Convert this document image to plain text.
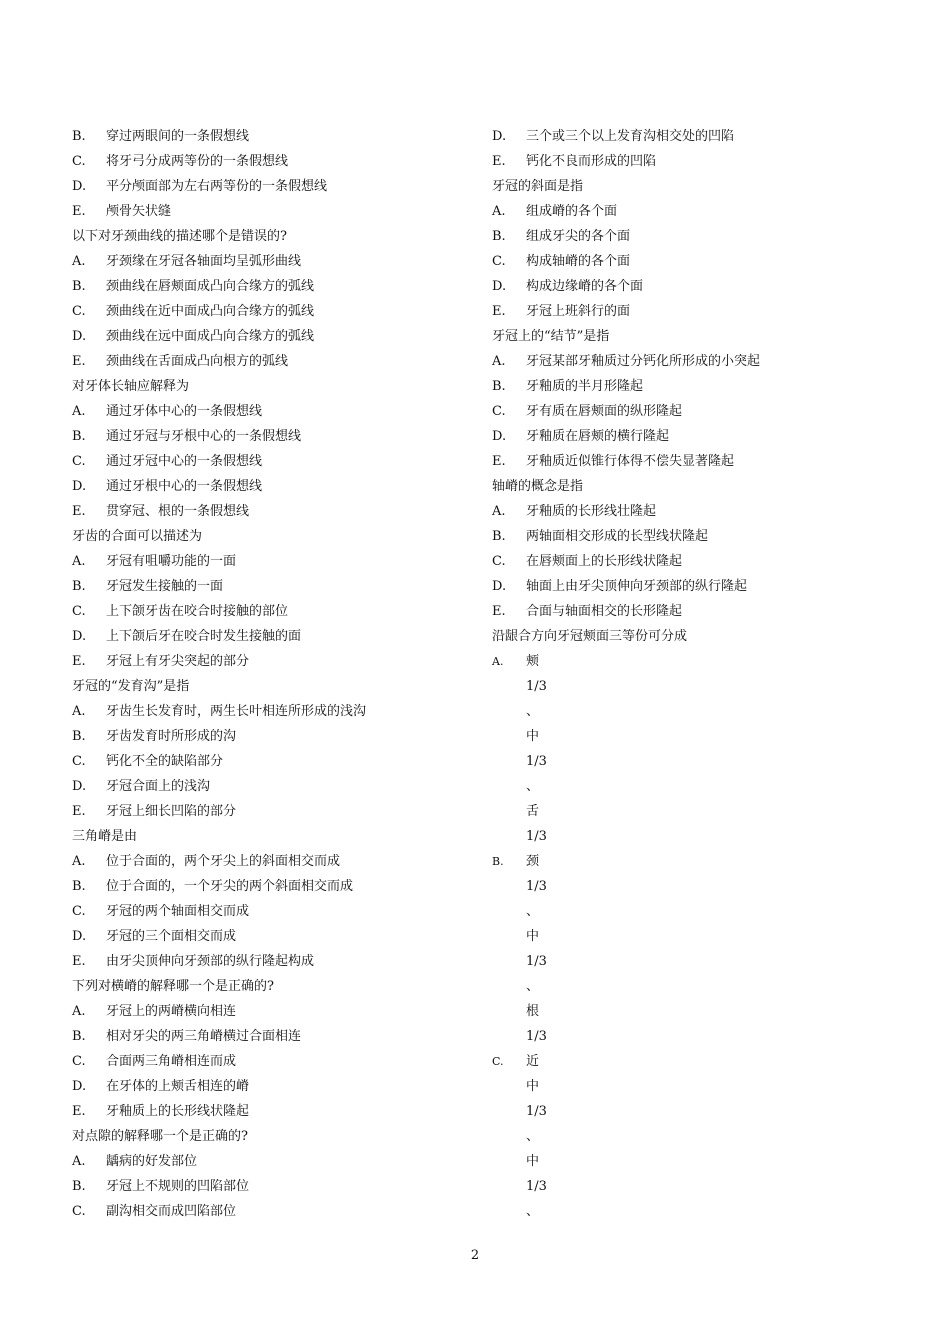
B. 穿过两眼间的一条假想线
C. 将牙弓分成两等份的一条假想线
D. 平分颅面部为左右两等份的一条假想线
E. 颅骨矢状缝
以下对牙颈曲线的描述哪个是错误的?
A. 牙颈缘在牙冠各轴面均呈弧形曲线
B. 颈曲线在唇颊面成凸向合缘方的弧线
C. 颈曲线在近中面成凸向合缘方的弧线
D. 颈曲线在远中面成凸向合缘方的弧线
E. 颈曲线在舌面成凸向根方的弧线
对牙体长轴应解释为
A. 通过牙体中心的一条假想线
B. 通过牙冠与牙根中心的一条假想线
C. 通过牙冠中心的一条假想线
D. 通过牙根中心的一条假想线
E. 贯穿冠、根的一条假想线
牙齿的合面可以描述为
A. 牙冠有咀嚼功能的一面
B. 牙冠发生接触的一面
C. 上下颌牙齿在咬合时接触的部位
D. 上下颌后牙在咬合时发生接触的面
E. 牙冠上有牙尖突起的部分
牙冠的“发育沟”是指
A. 牙齿生长发育时，两生长叶相连所形成的浅沟
B. 牙齿发育时所形成的沟
C. 钙化不全的缺陷部分
D. 牙冠合面上的浅沟
E. 牙冠上细长凹陷的部分
三角嵴是由
A. 位于合面的，两个牙尖上的斜面相交而成
B. 位于合面的，一个牙尖的两个斜面相交而成
C. 牙冠的两个轴面相交而成
D. 牙冠的三个面相交而成
E. 由牙尖顶伸向牙颈部的纵行隆起构成
下列对横嵴的解释哪一个是正确的?
A. 牙冠上的两嵴横向相连
B. 相对牙尖的两三角嵴横过合面相连
C. 合面两三角嵴相连而成
D. 在牙体的上颊舌相连的嵴
E. 牙釉质上的长形线状隆起
对点隙的解释哪一个是正确的?
A. 龋病的好发部位
B. 牙冠上不规则的凹陷部位
C. 副沟相交而成凹陷部位
D. 三个或三个以上发育沟相交处的凹陷
E. 钙化不良而形成的凹陷
牙冠的斜面是指
A. 组成嵴的各个面
B. 组成牙尖的各个面
C. 构成轴嵴的各个面
D. 构成边缘嵴的各个面
E. 牙冠上班斜行的面
牙冠上的“结节”是指
A. 牙冠某部牙釉质过分钙化所形成的小突起
B. 牙釉质的半月形隆起
C. 牙有质在唇颊面的纵形隆起
D. 牙釉质在唇颊的横行隆起
E. 牙釉质近似锥行体得不偿失显著隆起
轴嵴的概念是指
A. 牙釉质的长形线壮隆起
B. 两轴面相交形成的长型线状隆起
C. 在唇颊面上的长形线状隆起
D. 轴面上由牙尖顶伸向牙颈部的纵行隆起
E. 合面与轴面相交的长形隆起
沿龈合方向牙冠颊面三等份可分成
A. 颊
1/3
、
中
1/3
、
舌
1/3
B. 颈
1/3
、
中
1/3
、
根
1/3
C. 近
中
1/3
、
中
1/3
、
2
